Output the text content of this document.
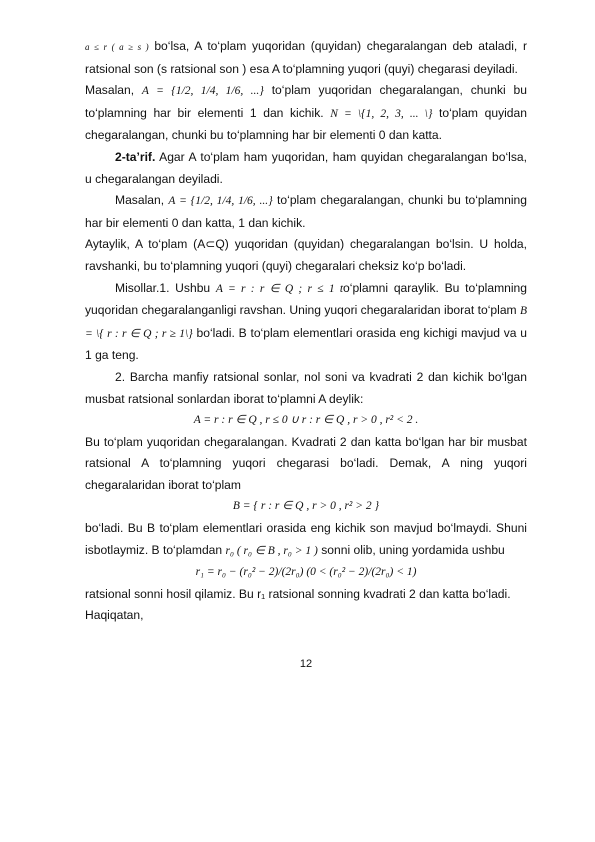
a ≤ r ( a ≥ s ) bo‘lsa, A to‘plam yuqoridan (quyidan) chegaralangan deb ataladi, r ratsional son (s ratsional son ) esa A to‘plamning yuqori (quyi) chegarasi deyiladi.

Masalan, A = {1/2, 1/4, 1/6, ...} to‘plam yuqoridan chegaralangan, chunki bu to‘plamning har bir elementi 1 dan kichik. N = \{1, 2, 3, ... \} to‘plam quyidan chegaralangan, chunki bu to‘plamning har bir elementi 0 dan katta.

2-ta’rif. Agar A to‘plam ham yuqoridan, ham quyidan chegaralangan bo‘lsa, u chegaralangan deyiladi.

Masalan, A = {1/2, 1/4, 1/6, ...} to‘plam chegaralangan, chunki bu to‘plamning har bir elementi 0 dan katta, 1 dan kichik.

Aytaylik, A to‘plam (A⊂Q) yuqoridan (quyidan) chegaralangan bo‘lsin. U holda, ravshanki, bu to‘plamning yuqori (quyi) chegaralari cheksiz ko‘p bo‘ladi.

Misollar.1. Ushbu A = r : r ∈ Q ; r ≤ 1 to‘plamni qaraylik. Bu to‘plamning yuqoridan chegaralanganligi ravshan. Uning yuqori chegaralaridan iborat to‘plam B = \{ r : r ∈ Q ; r ≥ 1\} bo‘ladi. B to‘plam elementlari orasida eng kichigi mavjud va u 1 ga teng.

2. Barcha manfiy ratsional sonlar, nol soni va kvadrati 2 dan kichik bo‘lgan musbat ratsional sonlardan iborat to‘plamni A deylik:

A = r : r ∈ Q , r ≤ 0 ∪ r : r ∈ Q , r > 0 , r² < 2 .

Bu to‘plam yuqoridan chegaralangan. Kvadrati 2 dan katta bo‘lgan har bir musbat ratsional A to‘plamning yuqori chegarasi bo‘ladi. Demak, A ning yuqori chegaralaridan iborat to‘plam

B = { r : r ∈ Q , r > 0 , r² > 2 }

bo‘ladi. Bu B to‘plam elementlari orasida eng kichik son mavjud bo‘lmaydi. Shuni isbotlaymiz. B to‘plamdan r₀ ( r₀ ∈ B , r₀ > 1 ) sonni olib, uning yordamida ushbu

r₁ = r₀ − (r₀² − 2)/(2r₀) (0 < (r₀² − 2)/(2r₀) < 1)

ratsional sonni hosil qilamiz. Bu r₁ ratsional sonning kvadrati 2 dan katta bo‘ladi.

Haqiqatan,

12
